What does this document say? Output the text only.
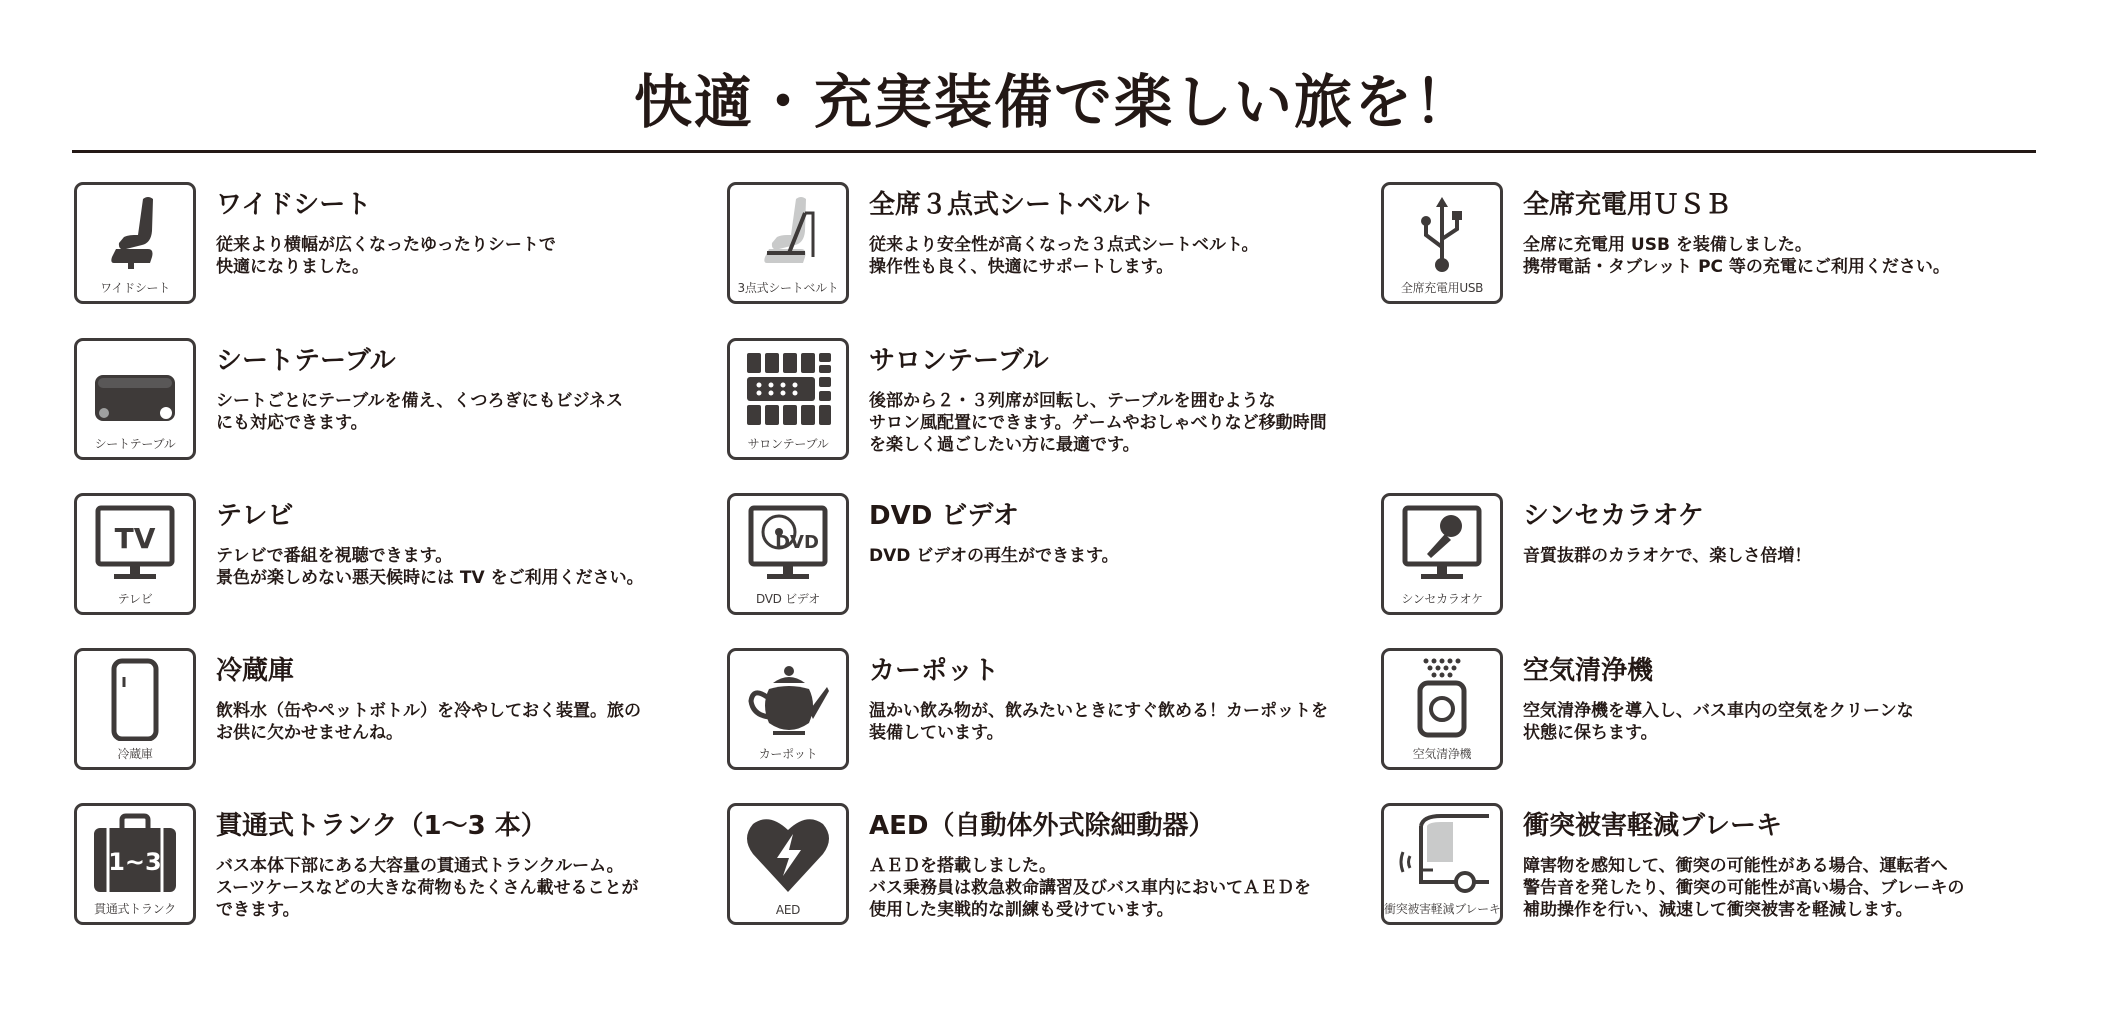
快適・充実装備で楽しい旅を！
ワイドシート
ワイドシート
従来より横幅が広くなったゆったりシートで
快適になりました。
3点式シートベルト
全席３点式シートベルト
従来より安全性が高くなった３点式シートベルト。
操作性も良く、快適にサポートします。
全席充電用USB
全席充電用ＵＳＢ
全席に充電用 USB を装備しました。
携帯電話・タブレット PC 等の充電にご利用ください。
シートテーブル
シートテーブル
シートごとにテーブルを備え、くつろぎにもビジネス
にも対応できます。
サロンテーブル
サロンテーブル
後部から２・３列席が回転し、テーブルを囲むような
サロン風配置にできます。ゲームやおしゃべりなど移動時間
を楽しく過ごしたい方に最適です。
TV
テレビ
テレビ
テレビで番組を視聴できます。
景色が楽しめない悪天候時には TV をご利用ください。
DVD
DVD ビデオ
DVD ビデオ
DVD ビデオの再生ができます。
シンセカラオケ
シンセカラオケ
音質抜群のカラオケで、楽しさ倍増！
冷蔵庫
冷蔵庫
飲料水（缶やペットボトル）を冷やしておく装置。旅の
お供に欠かせませんね。
カーポット
カーポット
温かい飲み物が、飲みたいときにすぐ飲める！カーポットを
装備しています。
空気清浄機
空気清浄機
空気清浄機を導入し、バス車内の空気をクリーンな
状態に保ちます。
1~3
貫通式トランク
貫通式トランク（1〜3 本）
バス本体下部にある大容量の貫通式トランクルーム。
スーツケースなどの大きな荷物もたくさん載せることが
できます。	AED
AED（自動体外式除細動器）
ＡＥＤを搭載しました。
バス乗務員は救急救命講習及びバス車内においてＡＥＤを
使用した実戦的な訓練も受けています。	衝突被害軽減ブレーキ
衝突被害軽減ブレーキ
障害物を感知して、衝突の可能性がある場合、運転者へ
警告音を発したり、衝突の可能性が高い場合、ブレーキの
補助操作を行い、減速して衝突被害を軽減します。
